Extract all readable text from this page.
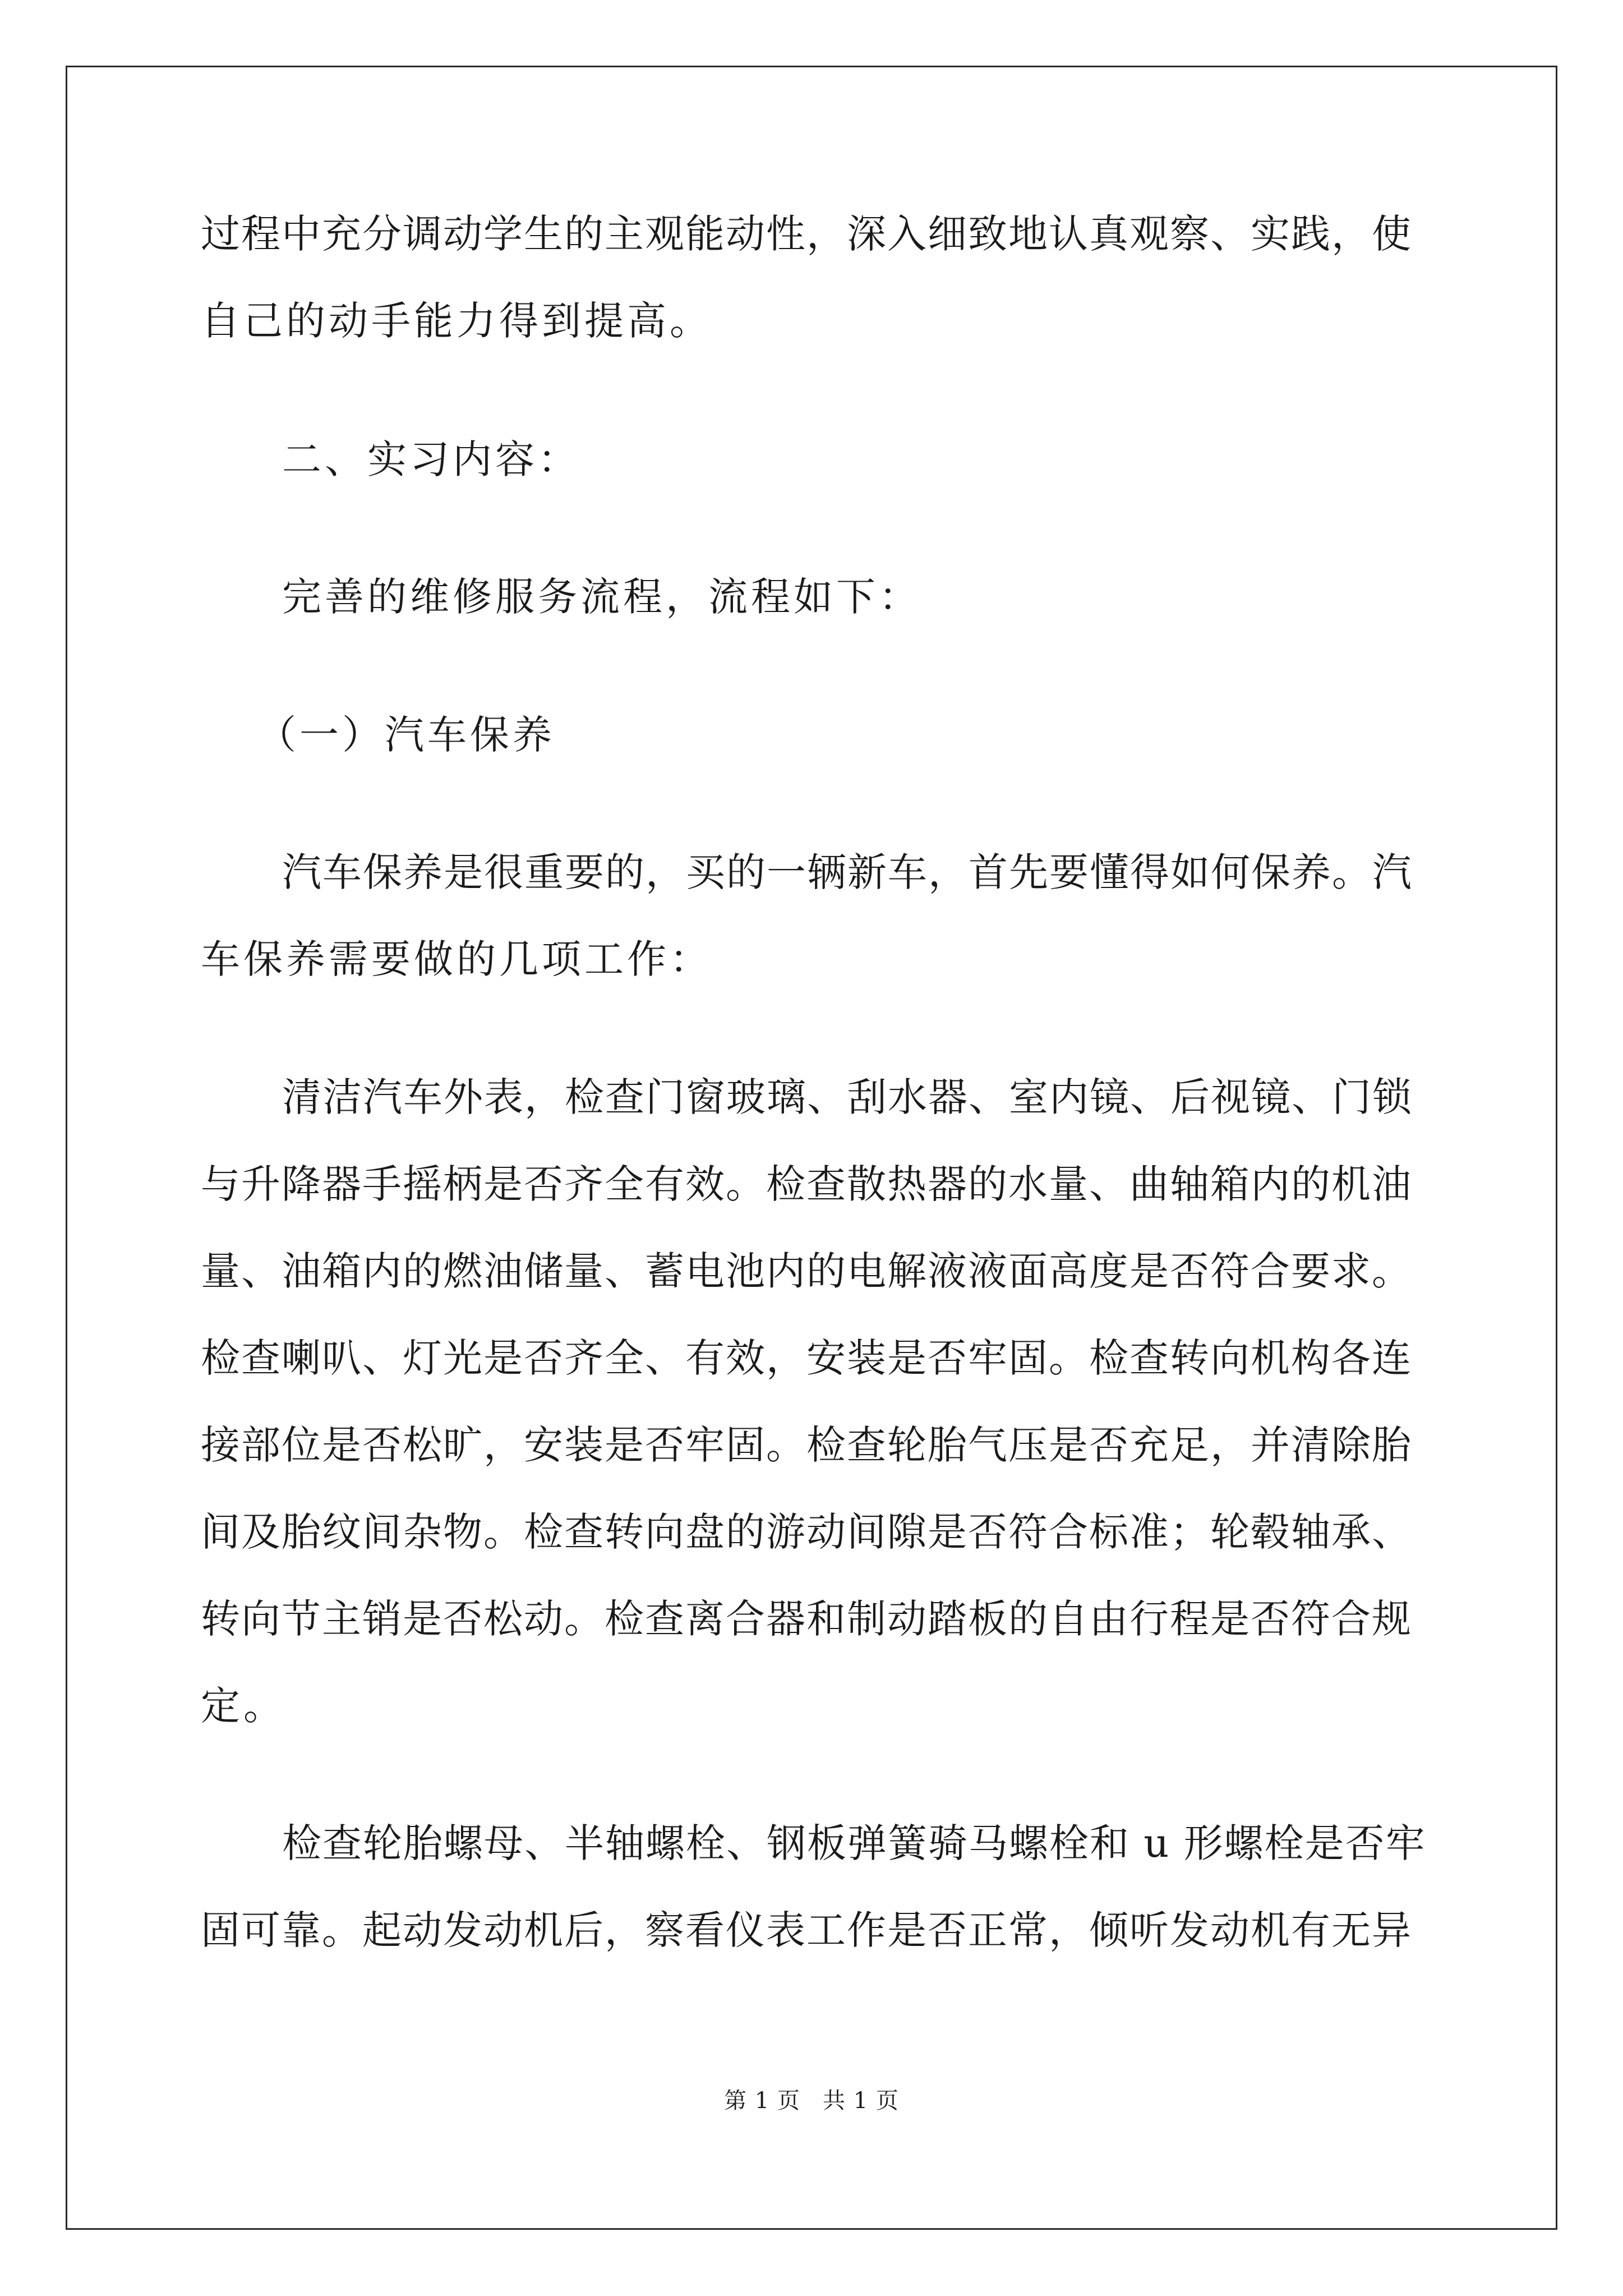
过程中充分调动学生的主观能动性，深入细致地认真观察、实践，使
自己的动手能力得到提高。
二、实习内容：
完善的维修服务流程，流程如下：
（一）汽车保养
汽车保养是很重要的，买的一辆新车，首先要懂得如何保养。汽
车保养需要做的几项工作：
清洁汽车外表，检查门窗玻璃、刮水器、室内镜、后视镜、门锁
与升降器手摇柄是否齐全有效。检查散热器的水量、曲轴箱内的机油
量、油箱内的燃油储量、蓄电池内的电解液液面高度是否符合要求。
检查喇叭、灯光是否齐全、有效，安装是否牢固。检查转向机构各连
接部位是否松旷，安装是否牢固。检查轮胎气压是否充足，并清除胎
间及胎纹间杂物。检查转向盘的游动间隙是否符合标准；轮毂轴承、
转向节主销是否松动。检查离合器和制动踏板的自由行程是否符合规
定。
检查轮胎螺母、半轴螺栓、钢板弹簧骑马螺栓和 u 形螺栓是否牢
固可靠。起动发动机后，察看仪表工作是否正常，倾听发动机有无异
第 1 页 共 1 页
